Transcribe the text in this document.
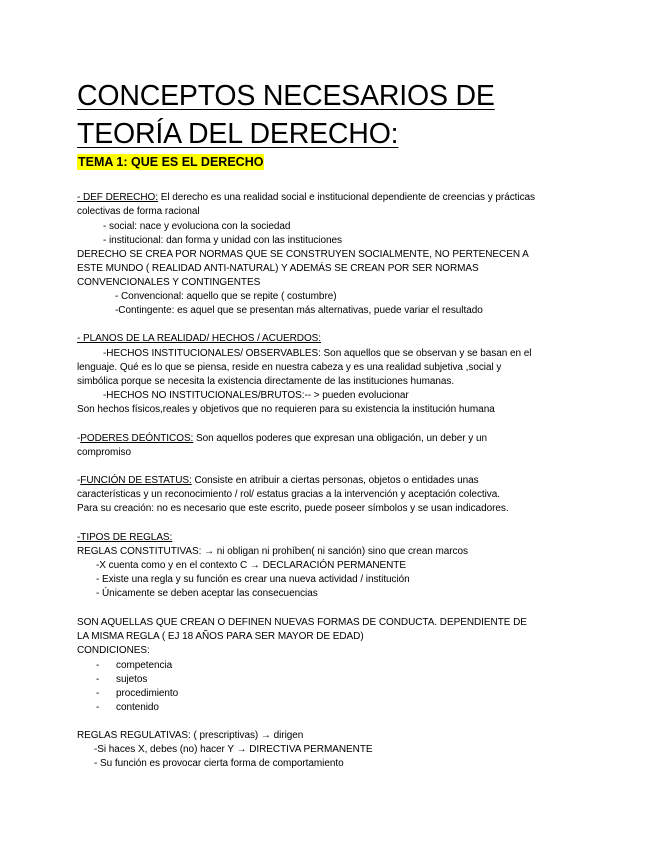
CONCEPTOS NECESARIOS DE
TEORÍA DEL DERECHO:
TEMA 1: QUE ES EL DERECHO
- DEF DERECHO: El derecho es una realidad social e institucional dependiente de creencias y prácticas
colectivas de forma racional
- social: nace y evoluciona con la sociedad
- institucional: dan forma y unidad con las instituciones
DERECHO SE CREA POR NORMAS QUE SE CONSTRUYEN SOCIALMENTE, NO PERTENECEN A
ESTE MUNDO ( REALIDAD ANTI-NATURAL) Y ADEMÁS SE CREAN POR SER NORMAS
CONVENCIONALES Y CONTINGENTES
- Convencional: aquello que se repite ( costumbre)
-Contingente: es aquel que se presentan más alternativas, puede variar el resultado
- PLANOS DE LA REALIDAD/ HECHOS / ACUERDOS:
-HECHOS INSTITUCIONALES/ OBSERVABLES: Son aquellos que se observan y se basan en el
lenguaje. Qué es lo que se piensa, reside en nuestra cabeza y es una realidad subjetiva ,social y
simbólica porque se necesita la existencia directamente de las instituciones humanas.
-HECHOS NO INSTITUCIONALES/BRUTOS:-- > pueden evolucionar
Son hechos físicos,reales y objetivos que no requieren para su existencia la institución humana
-PODERES DEÓNTICOS: Son aquellos poderes que expresan una obligación, un deber y un
compromiso
-FUNCIÓN DE ESTATUS: Consiste en atribuir a ciertas personas, objetos o entidades unas
características y un reconocimiento / rol/ estatus gracias a la intervención y aceptación colectiva.
Para su creación: no es necesario que este escrito, puede poseer símbolos y se usan indicadores.
-TIPOS DE REGLAS:
REGLAS CONSTITUTIVAS: → ni obligan ni prohíben( ni sanción) sino que crean marcos
-X cuenta como y en el contexto C → DECLARACIÓN PERMANENTE
- Existe una regla y su función es crear una nueva actividad / institución
- Únicamente se deben aceptar las consecuencias
SON AQUELLAS QUE CREAN O DEFINEN NUEVAS FORMAS DE CONDUCTA. DEPENDIENTE DE
LA MISMA REGLA ( EJ 18 AÑOS PARA SER MAYOR DE EDAD)
CONDICIONES:
- competencia
- sujetos
- procedimiento
- contenido
REGLAS REGULATIVAS: ( prescriptivas) → dirigen
-Si haces X, debes (no) hacer Y → DIRECTIVA PERMANENTE
- Su función es provocar cierta forma de comportamiento
